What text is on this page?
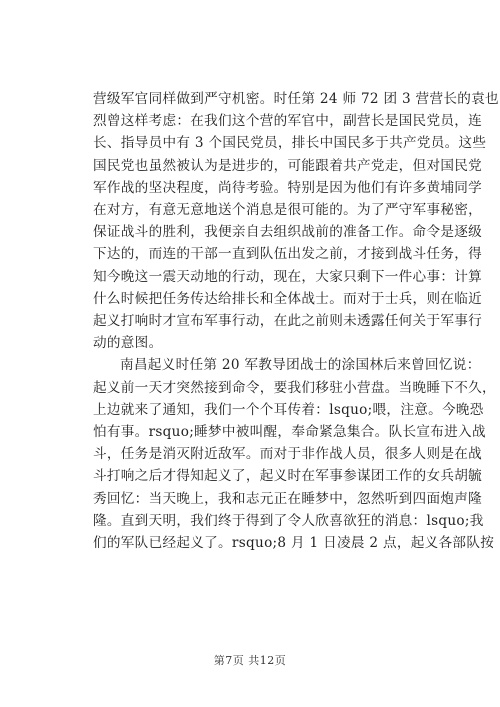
营级军官同样做到严守机密。时任第 24 师 72 团 3 营营长的袁也
烈曾这样考虑：在我们这个营的军官中，副营长是国民党员，连
长、指导员中有 3 个国民党员，排长中国民多于共产党员。这些
国民党也虽然被认为是进步的，可能跟着共产党走，但对国民党
军作战的坚决程度，尚待考验。特别是因为他们有许多黄埔同学
在对方，有意无意地送个消息是很可能的。为了严守军事秘密，
保证战斗的胜利，我便亲自去组织战前的准备工作。命令是逐级
下达的，而连的干部一直到队伍出发之前，才接到战斗任务，得
知今晚这一震天动地的行动，现在，大家只剩下一件心事：计算
什么时候把任务传达给排长和全体战士。而对于士兵，则在临近
起义打响时才宣布军事行动，在此之前则未透露任何关于军事行
动的意图。
南昌起义时任第 20 军教导团战士的涂国林后来曾回忆说：
起义前一天才突然接到命令，要我们移驻小营盘。当晚睡下不久，
上边就来了通知，我们一个个耳传着：lsquo;喂，注意。今晚恐
怕有事。rsquo;睡梦中被叫醒，奉命紧急集合。队长宣布进入战
斗，任务是消灭附近敌军。而对于非作战人员，很多人则是在战
斗打响之后才得知起义了，起义时在军事参谋团工作的女兵胡毓
秀回忆：当天晚上，我和志元正在睡梦中，忽然听到四面炮声隆
隆。直到天明，我们终于得到了令人欣喜欲狂的消息：lsquo;我
们的军队已经起义了。rsquo;8 月 1 日凌晨 2 点，起义各部队按
第7页 共12页
